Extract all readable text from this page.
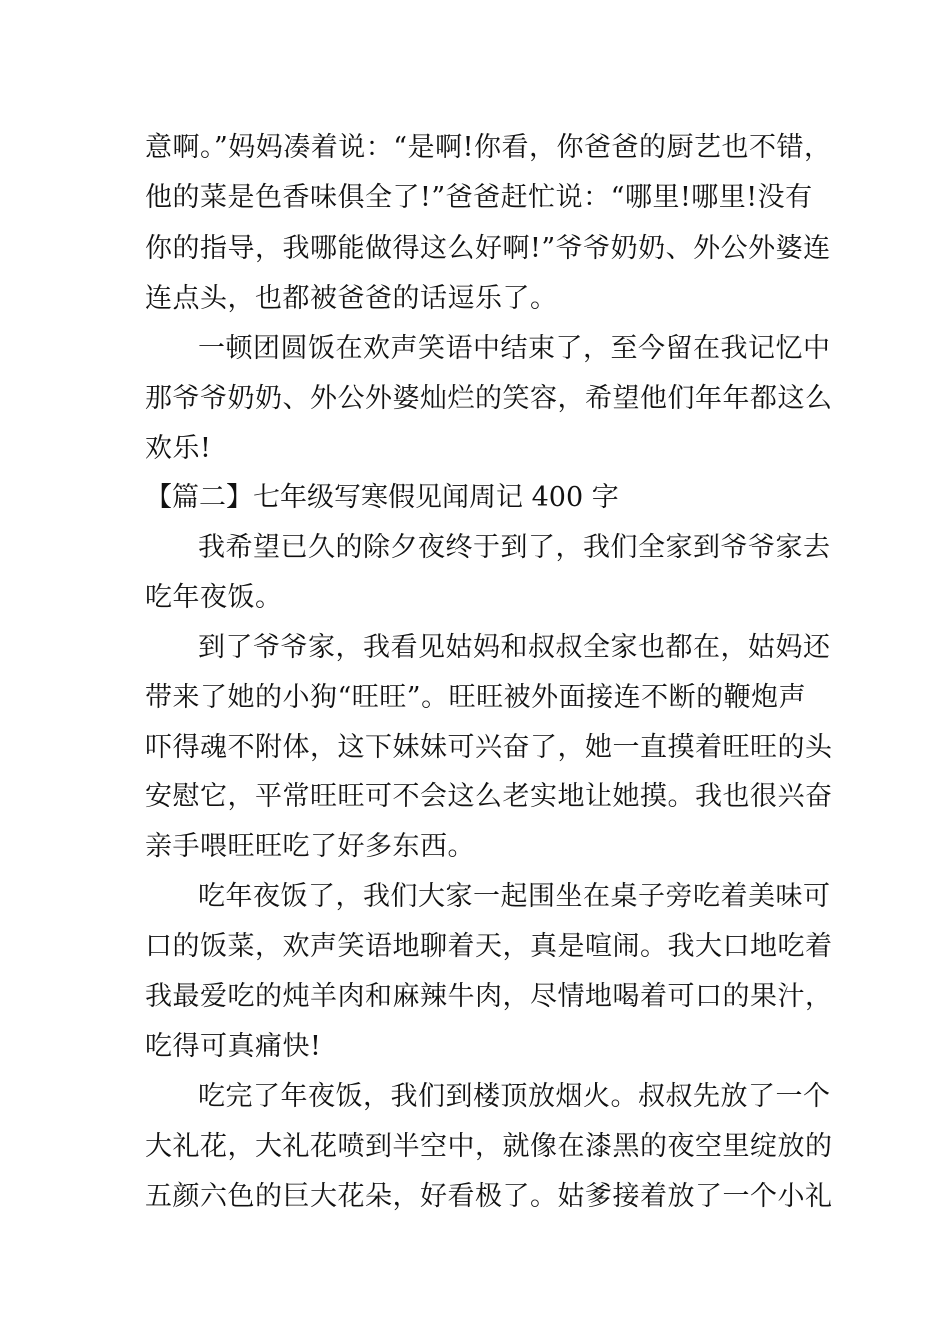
意啊。”妈妈凑着说：“是啊!你看，你爸爸的厨艺也不错，
他的菜是色香味俱全了!”爸爸赶忙说：“哪里!哪里!没有
你的指导，我哪能做得这么好啊!”爷爷奶奶、外公外婆连
连点头，也都被爸爸的话逗乐了。
一顿团圆饭在欢声笑语中结束了，至今留在我记忆中
那爷爷奶奶、外公外婆灿烂的笑容，希望他们年年都这么
欢乐!
【篇二】七年级写寒假见闻周记 400 字
我希望已久的除夕夜终于到了，我们全家到爷爷家去
吃年夜饭。
到了爷爷家，我看见姑妈和叔叔全家也都在，姑妈还
带来了她的小狗“旺旺”。旺旺被外面接连不断的鞭炮声
吓得魂不附体，这下妹妹可兴奋了，她一直摸着旺旺的头
安慰它，平常旺旺可不会这么老实地让她摸。我也很兴奋
亲手喂旺旺吃了好多东西。
吃年夜饭了，我们大家一起围坐在桌子旁吃着美味可
口的饭菜，欢声笑语地聊着天，真是喧闹。我大口地吃着
我最爱吃的炖羊肉和麻辣牛肉，尽情地喝着可口的果汁，
吃得可真痛快!
吃完了年夜饭，我们到楼顶放烟火。叔叔先放了一个
大礼花，大礼花喷到半空中，就像在漆黑的夜空里绽放的
五颜六色的巨大花朵，好看极了。姑爹接着放了一个小礼
